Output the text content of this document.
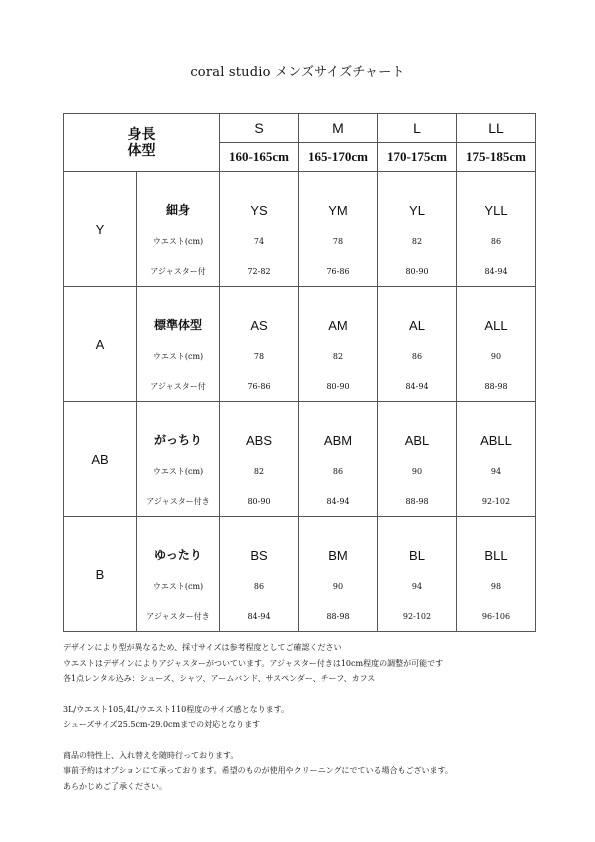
coral studio メンズサイズチャート
身長
体型		S	M	L	LL
		160-165cm	165-170cm	170-175cm	175-185cm
Y	細身	YS	YM	YL	YLL
	ウエスト(cm)	74	78	82	86
	アジャスター付	72-82	76-86	80-90	84-94
A	標準体型	AS	AM	AL	ALL
	ウエスト(cm)	78	82	86	90
	アジャスター付	76-86	80-90	84-94	88-98
AB	がっちり	ABS	ABM	ABL	ABLL
	ウエスト(cm)	82	86	90	94
	アジャスター付き	80-90	84-94	88-98	92-102
B	ゆったり	BS	BM	BL	BLL
	ウエスト(cm)	86	90	94	98
	アジャスター付き	84-94	88-98	92-102	96-106
デザインにより型が異なるため、採寸サイズは参考程度としてご確認ください
ウエストはデザインによりアジャスターがついています。アジャスター付きは10cm程度の調整が可能です
各1点レンタル込み：シューズ、シャツ、アームバンド、サスペンダー、チーフ、カフス
3L/ウエスト105,4L/ウエスト110程度のサイズ感となります。
シューズサイズ25.5cm-29.0cmまでの対応となります
商品の特性上、入れ替えを随時行っております。
事前予約はオプションにて承っております。希望のものが使用やクリーニングにでている場合もございます。
あらかじめご了承ください。
